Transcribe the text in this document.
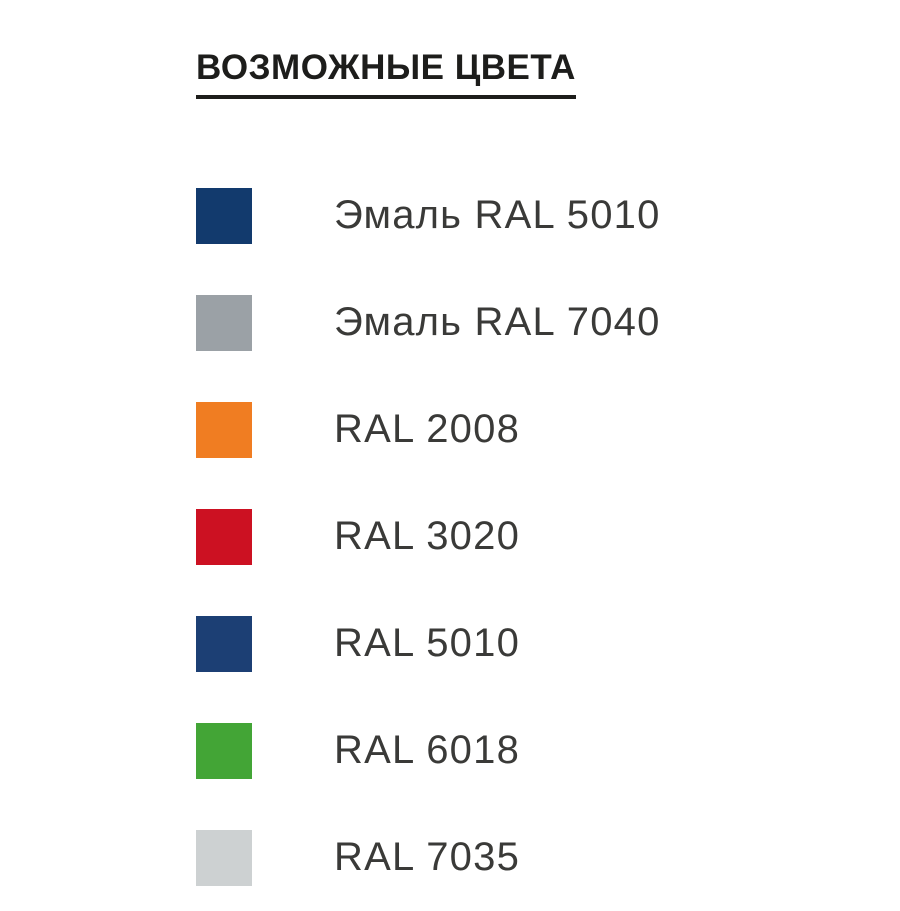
ВОЗМОЖНЫЕ ЦВЕТА
Эмаль RAL 5010
Эмаль RAL 7040
RAL 2008
RAL 3020
RAL 5010
RAL 6018
RAL 7035
